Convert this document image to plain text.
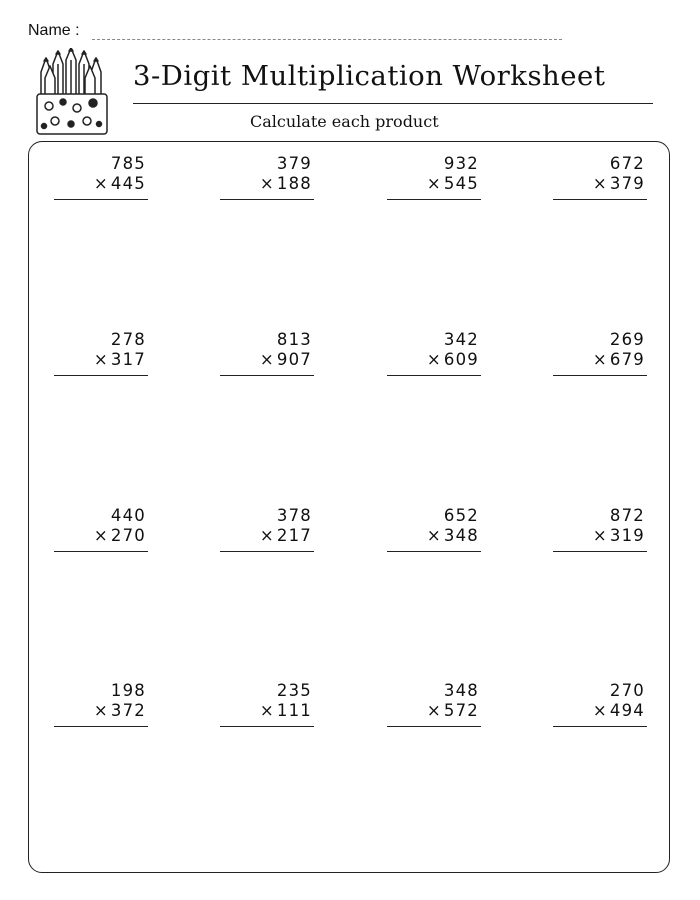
Name :
3-Digit Multiplication Worksheet
Calculate each product
785
× 445
379
× 188
932
× 545
672
× 379
278
× 317
813
× 907
342
× 609
269
× 679
440
× 270
378
× 217
652
× 348
872
× 319
198
× 372
235
× 111
348
× 572
270
× 494
